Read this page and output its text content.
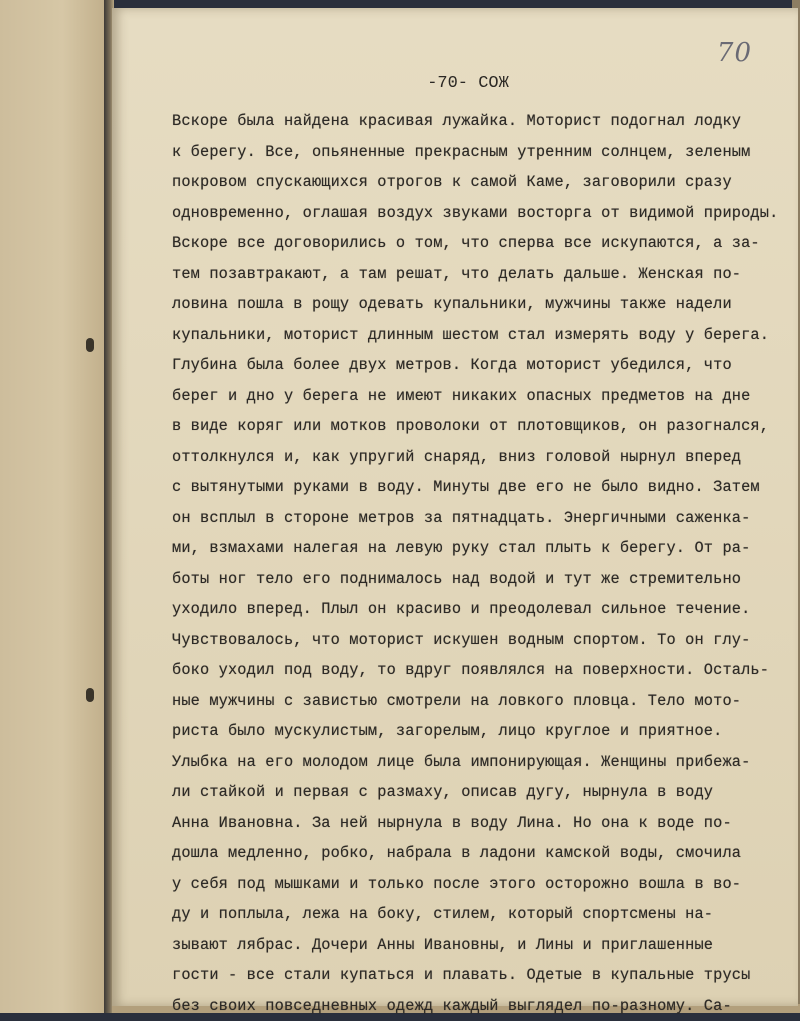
70
-70- СОЖ
Вскоре была найдена красивая лужайка. Моторист подогнал лодку
к берегу. Все, опьяненные прекрасным утренним солнцем, зеленым
покровом спускающихся отрогов к самой Каме, заговорили сразу
одновременно, оглашая воздух звуками восторга от видимой природы.
Вскоре все договорились о том, что сперва все искупаются, а за-
тем позавтракают, а там решат, что делать дальше. Женская по-
ловина пошла в рощу одевать купальники, мужчины также надели
купальники, моторист длинным шестом стал измерять воду у берега.
Глубина была более двух метров. Когда моторист убедился, что
берег и дно у берега не имеют никаких опасных предметов на дне
в виде коряг или мотков проволоки от плотовщиков, он разогнался,
оттолкнулся и, как упругий снаряд, вниз головой нырнул вперед
с вытянутыми руками в воду. Минуты две его не было видно. Затем
он всплыл в стороне метров за пятнадцать. Энергичными саженка-
ми, взмахами налегая на левую руку стал плыть к берегу. От ра-
боты ног тело его поднималось над водой и тут же стремительно
уходило вперед. Плыл он красиво и преодолевал сильное течение.
Чувствовалось, что моторист искушен водным спортом. То он глу-
боко уходил под воду, то вдруг появлялся на поверхности. Осталь-
ные мужчины с завистью смотрели на ловкого пловца. Тело мото-
риста было мускулистым, загорелым, лицо круглое и приятное.
Улыбка на его молодом лице была импонирующая. Женщины прибежа-
ли стайкой и первая с размаху, описав дугу, нырнула в воду
Анна Ивановна. За ней нырнула в воду Лина. Но она к воде по-
дошла медленно, робко, набрала в ладони камской воды, смочила
у себя под мышками и только после этого осторожно вошла в во-
ду и поплыла, лежа на боку, стилем, который спортсмены на-
зывают лябрас. Дочери Анны Ивановны, и Лины и приглашенные
гости - все стали купаться и плавать. Одетые в купальные трусы
без своих повседневных одежд каждый выглядел по-разному. Са-
